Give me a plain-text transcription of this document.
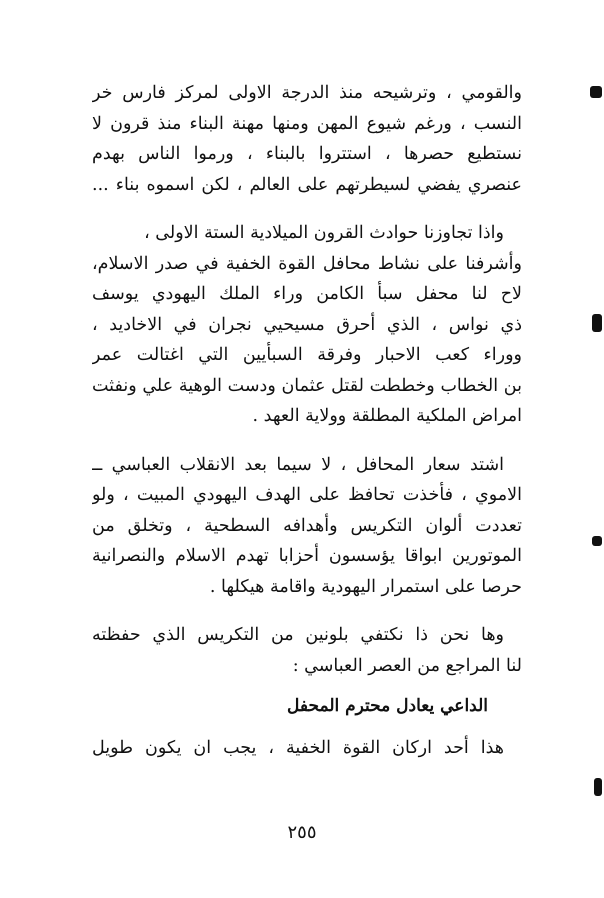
والقومي ، وترشيحه منذ الدرجة الاولى لمركز فارس خر
النسب ، ورغم شيوع المهن ومنها مهنة البناء منذ قرون لا
نستطيع حصرها ، استتروا بالبناء ، ورموا الناس بهدم
عنصري يفضي لسيطرتهم على العالم ، لكن اسموه بناء ...
واذا تجاوزنا حوادث القرون الميلادية الستة الاولى ،
وأشرفنا على نشاط محافل القوة الخفية في صدر الاسلام،
لاح لنا محفل سبأ الكامن وراء الملك اليهودي يوسف
ذي نواس ، الذي أحرق مسيحيي نجران في الاخاديد ،
ووراء كعب الاحبار وفرقة السبأيين التي اغتالت عمر
بن الخطاب وخططت لقتل عثمان ودست الوهية علي ونفثت
امراض الملكية المطلقة وولاية العهد .
اشتد سعار المحافل ، لا سيما بعد الانقلاب العباسي ــ
الاموي ، فأخذت تحافظ على الهدف اليهودي المبيت ، ولو
تعددت ألوان التكريس وأهدافه السطحية ، وتخلق من
الموتورين ابواقا يؤسسون أحزابا تهدم الاسلام والنصرانية
حرصا على استمرار اليهودية واقامة هيكلها .
وها نحن ذا نكتفي بلونين من التكريس الذي حفظته
لنا المراجع من العصر العباسي :
الداعي يعادل محترم المحفل
هذا أحد اركان القوة الخفية ، يجب ان يكون طويل
٢٥٥
